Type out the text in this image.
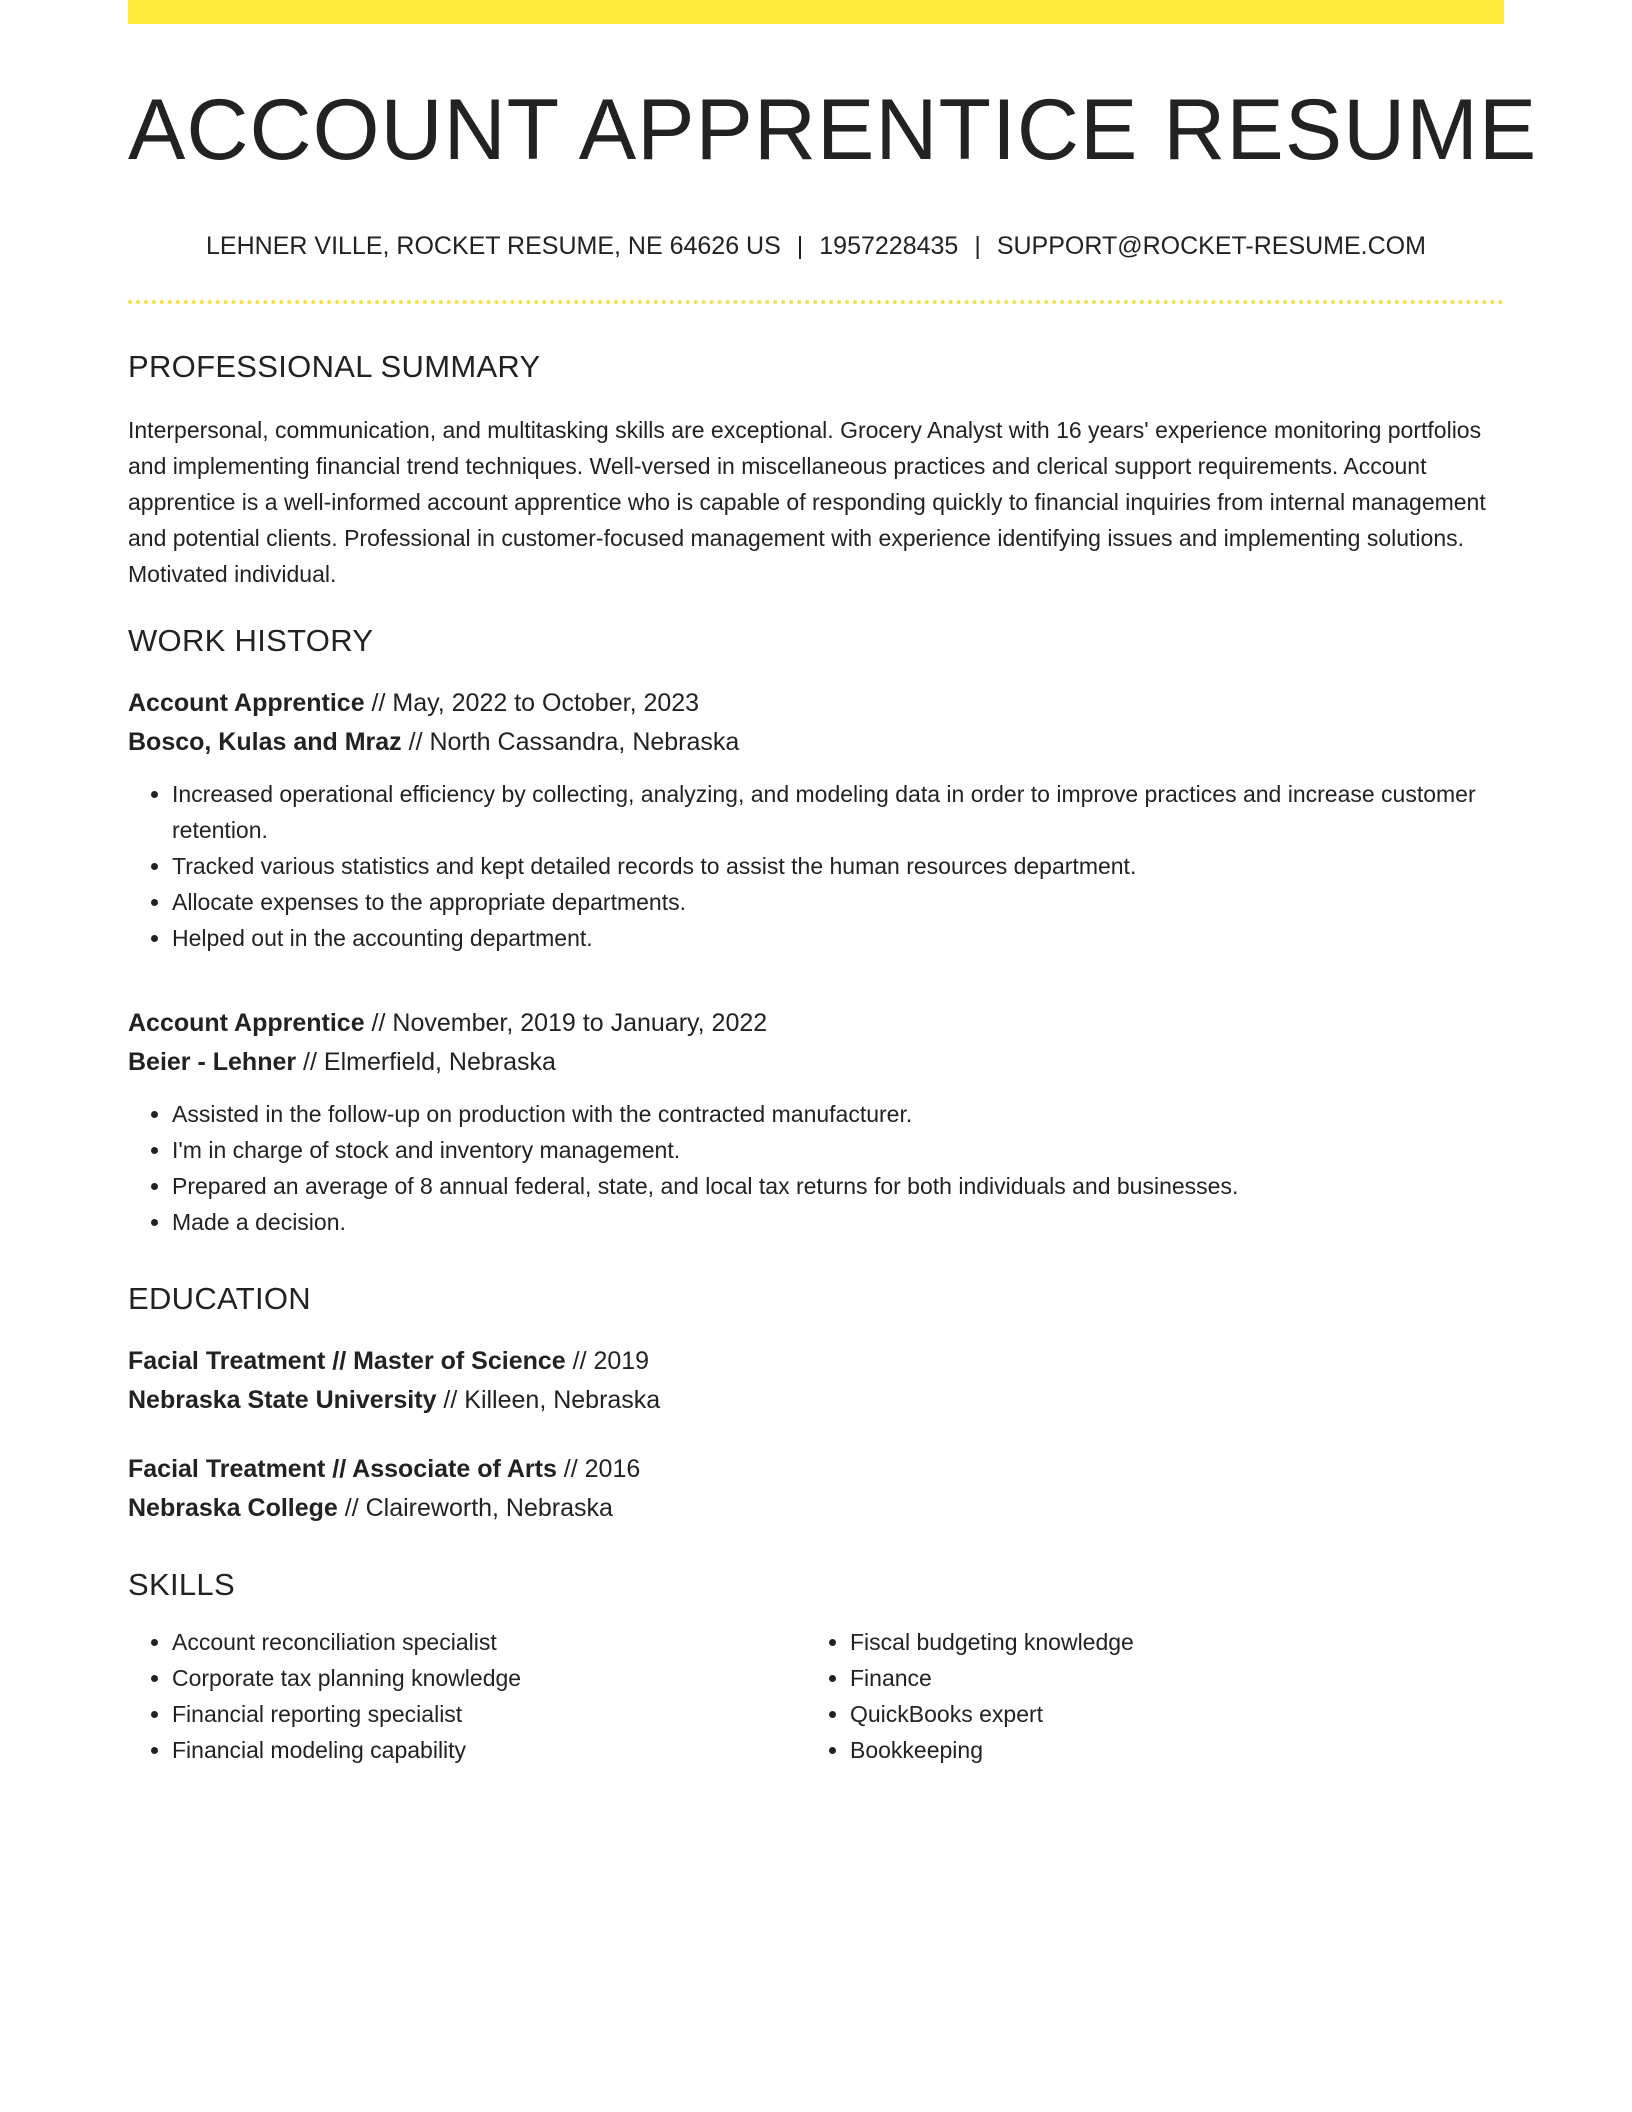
ACCOUNT APPRENTICE RESUME
LEHNER VILLE, ROCKET RESUME, NE 64626 US | 1957228435 | SUPPORT@ROCKET-RESUME.COM
PROFESSIONAL SUMMARY

Interpersonal, communication, and multitasking skills are exceptional. Grocery Analyst with 16 years' experience monitoring portfolios and implementing financial trend techniques. Well-versed in miscellaneous practices and clerical support requirements. Account apprentice is a well-informed account apprentice who is capable of responding quickly to financial inquiries from internal management and potential clients. Professional in customer-focused management with experience identifying issues and implementing solutions. Motivated individual.

WORK HISTORY
Account Apprentice // May, 2022 to October, 2023
Bosco, Kulas and Mraz // North Cassandra, Nebraska
• Increased operational efficiency by collecting, analyzing, and modeling data in order to improve practices and increase customer retention.
• Tracked various statistics and kept detailed records to assist the human resources department.
• Allocate expenses to the appropriate departments.
• Helped out in the accounting department.
Account Apprentice // November, 2019 to January, 2022
Beier - Lehner // Elmerfield, Nebraska
• Assisted in the follow-up on production with the contracted manufacturer.
• I'm in charge of stock and inventory management.
• Prepared an average of 8 annual federal, state, and local tax returns for both individuals and businesses.
• Made a decision.
EDUCATION
Facial Treatment // Master of Science // 2019
Nebraska State University // Killeen, Nebraska
Facial Treatment // Associate of Arts // 2016
Nebraska College // Claireworth, Nebraska
SKILLS
• Account reconciliation specialist
• Corporate tax planning knowledge
• Financial reporting specialist
• Financial modeling capability
• Fiscal budgeting knowledge
• Finance
• QuickBooks expert
• Bookkeeping
